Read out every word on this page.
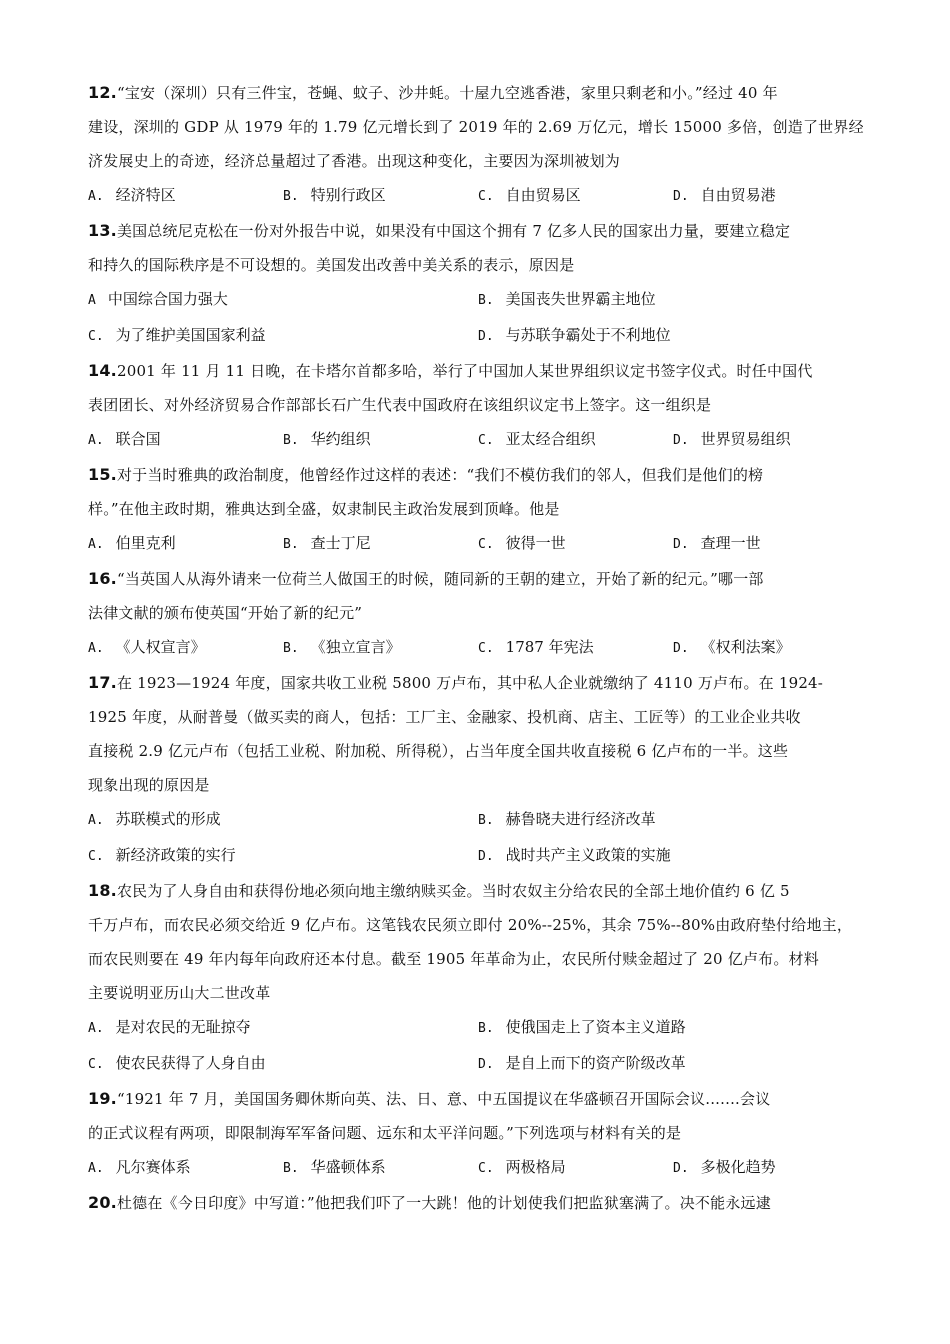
12.“宝安（深圳）只有三件宝，苍蝇、蚊子、沙井蚝。十屋九空逃香港，家里只剩老和小。”经过 40 年
建设，深圳的 GDP 从 1979 年的 1.79 亿元增长到了 2019 年的 2.69 万亿元，增长 15000 多倍，创造了世界经
济发展史上的奇迹，经济总量超过了香港。出现这种变化，主要因为深圳被划为
A. 经济特区	B. 特别行政区	C. 自由贸易区	D. 自由贸易港
13.美国总统尼克松在一份对外报告中说，如果没有中国这个拥有 7 亿多人民的国家出力量，要建立稳定
和持久的国际秩序是不可设想的。美国发出改善中美关系的表示，原因是
A 中国综合国力强大	B. 美国丧失世界霸主地位
C. 为了维护美国国家利益	D. 与苏联争霸处于不利地位
14.2001 年 11 月 11 日晚，在卡塔尔首都多哈，举行了中国加人某世界组织议定书签字仪式。时任中国代
表团团长、对外经济贸易合作部部长石广生代表中国政府在该组织议定书上签字。这一组织是
A. 联合国	B. 华约组织	C. 亚太经合组织	D. 世界贸易组织
15.对于当时雅典的政治制度，他曾经作过这样的表述：“我们不模仿我们的邻人，但我们是他们的榜
样。”在他主政时期，雅典达到全盛，奴隶制民主政治发展到顶峰。他是
A. 伯里克利	B. 查士丁尼	C. 彼得一世	D. 查理一世
16.“当英国人从海外请来一位荷兰人做国王的时候，随同新的王朝的建立，开始了新的纪元。”哪一部
法律文献的颁布使英国“开始了新的纪元”
A. 《人权宣言》	B. 《独立宣言》	C. 1787 年宪法	D. 《权利法案》
17.在 1923—1924 年度，国家共收工业税 5800 万卢布，其中私人企业就缴纳了 4110 万卢布。在 1924-
1925 年度，从耐普曼（做买卖的商人，包括：工厂主、金融家、投机商、店主、工匠等）的工业企业共收
直接税 2.9 亿元卢布（包括工业税、附加税、所得税），占当年度全国共收直接税 6 亿卢布的一半。这些
现象出现的原因是
A. 苏联模式的形成	B. 赫鲁晓夫进行经济改革
C. 新经济政策的实行	D. 战时共产主义政策的实施
18.农民为了人身自由和获得份地必须向地主缴纳赎买金。当时农奴主分给农民的全部土地价值约 6 亿 5
千万卢布，而农民必须交给近 9 亿卢布。这笔钱农民须立即付 20%--25%，其余 75%--80%由政府垫付给地主，
而农民则要在 49 年内每年向政府还本付息。截至 1905 年革命为止，农民所付赎金超过了 20 亿卢布。材料
主要说明亚历山大二世改革
A. 是对农民的无耻掠夺	B. 使俄国走上了资本主义道路
C. 使农民获得了人身自由	D. 是自上而下的资产阶级改革
19.“1921 年 7 月，美国国务卿休斯向英、法、日、意、中五国提议在华盛顿召开国际会议.......会议
的正式议程有两项，即限制海军军备问题、远东和太平洋问题。”下列选项与材料有关的是
A. 凡尔赛体系	B. 华盛顿体系	C. 两极格局	D. 多极化趋势
20.杜德在《今日印度》中写道：”他把我们吓了一大跳！他的计划使我们把监狱塞满了。决不能永远逮
